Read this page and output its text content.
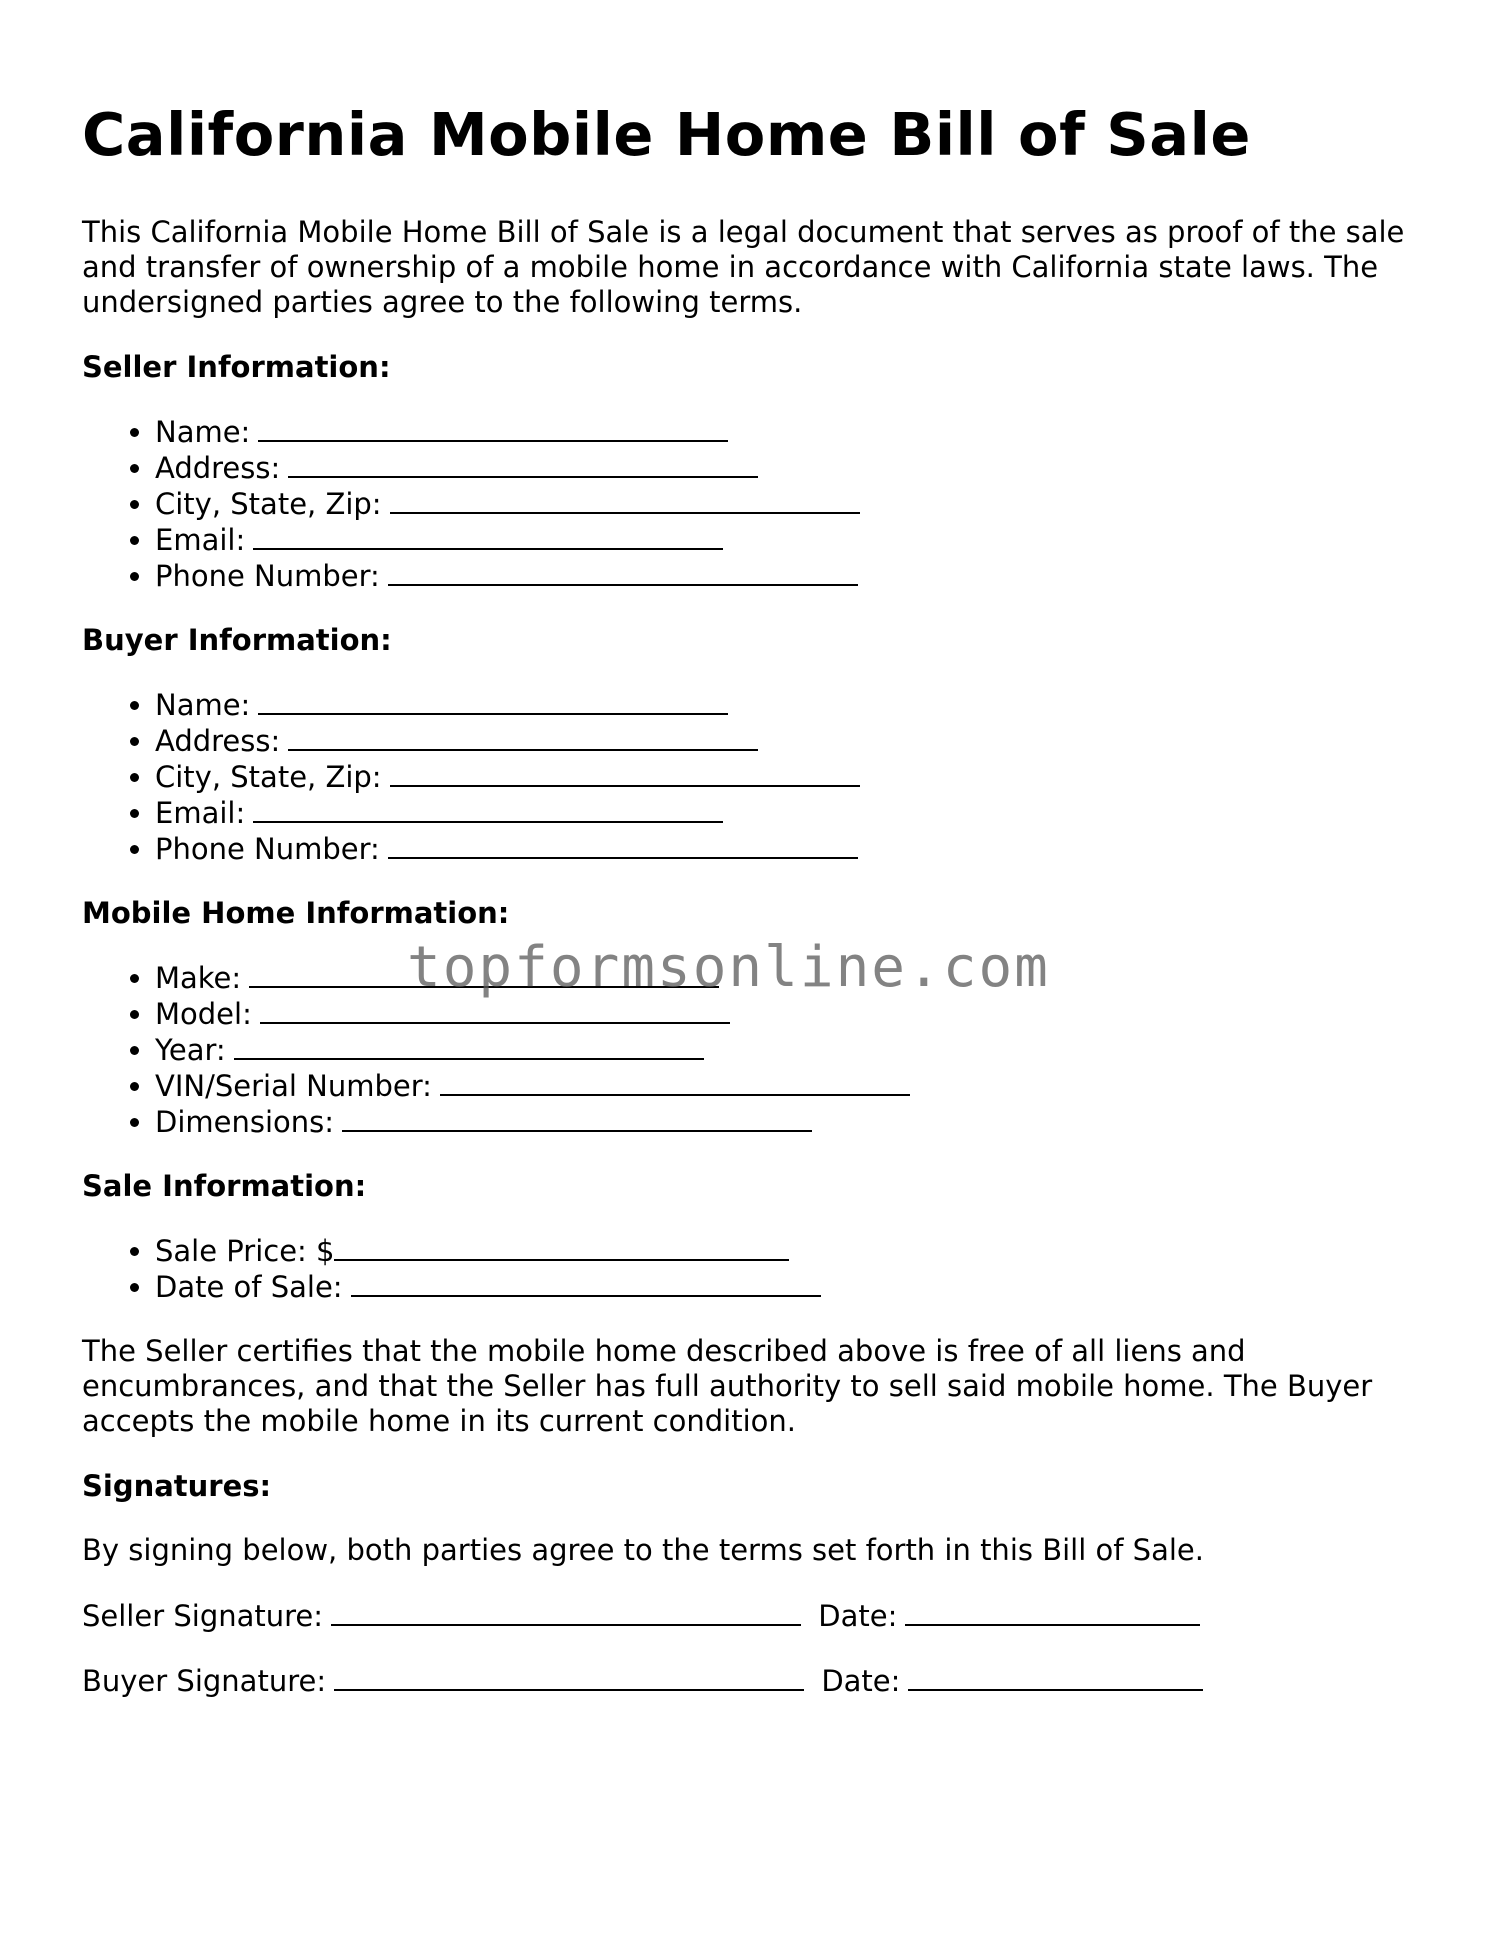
California Mobile Home Bill of Sale

This California Mobile Home Bill of Sale is a legal document that serves as proof of the sale and transfer of ownership of a mobile home in accordance with California state laws. The undersigned parties agree to the following terms.

Seller Information:
• Name:
• Address:
• City, State, Zip:
• Email:
• Phone Number:
Buyer Information:
• Name:
• Address:
• City, State, Zip:
• Email:
• Phone Number:
Mobile Home Information:
• Make:
• Model:
• Year:
• VIN/Serial Number:
• Dimensions:
Sale Information:
• Sale Price: $
• Date of Sale:

The Seller certifies that the mobile home described above is free of all liens and encumbrances, and that the Seller has full authority to sell said mobile home. The Buyer accepts the mobile home in its current condition.

Signatures:

By signing below, both parties agree to the terms set forth in this Bill of Sale.

Seller Signature:	Date:
Buyer Signature:	Date:
topformsonline.com
